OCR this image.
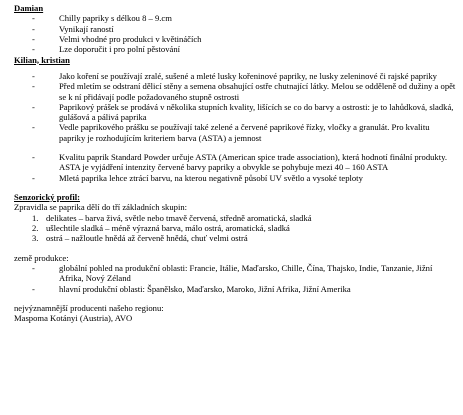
Damian
- Chilly papriky s délkou 8 – 9.cm
- Vynikají raností
- Velmi vhodné pro produkci v květináčích
- Lze doporučit i pro polní pěstování
Kilian, kristian
- Jako koření se používají zralé, sušené a mleté lusky kořeninové papriky, ne lusky zeleninové či rajské papriky
- Před mletím se odstraní dělicí stěny a semena obsahující ostře chutnající látky. Melou se odděleně od dužiny a opět se k ní přidávají podle požadovaného stupně ostrosti
- Paprikový prášek se prodává v několika stupních kvality, lišících se co do barvy a ostrosti: je to lahůdková, sladká, gulášová a pálivá paprika
- Vedle paprikového prášku se používají také zelené a červené paprikové řízky, vločky a granulát. Pro kvalitu papriky je rozhodujícím kriteriem barva (ASTA) a jemnost
- Kvalitu paprik Standard Powder určuje ASTA (American spice trade association), která hodnotí finální produkty. ASTA je vyjádření intenzity červené barvy papriky a obvykle se pohybuje mezi 40 – 160 ASTA
- Mletá paprika lehce ztrácí barvu, na kterou negativně působí UV světlo a vysoké teploty
Senzorický profil:

Zpravidla se paprika dělí do tří základních skupin:

1. delikates – barva živá, světle nebo tmavě červená, středně aromatická, sladká
2. ušlechtile sladká – méně výrazná barva, málo ostrá, aromatická, sladká
3. ostrá – nažloutle hnědá až červeně hnědá, chuť velmi ostrá

země produkce:

- globální pohled na produkční oblasti: Francie, Itálie, Maďarsko, Chille, Čína, Thajsko, Indie, Tanzanie, Jižní Afrika, Nový Zéland
- hlavní produkční oblasti: Španělsko, Maďarsko, Maroko, Jižní Afrika, Jižní Amerika

nejvýznamnější producenti našeho regionu:

Maspoma Kotányi (Austria), AVO
